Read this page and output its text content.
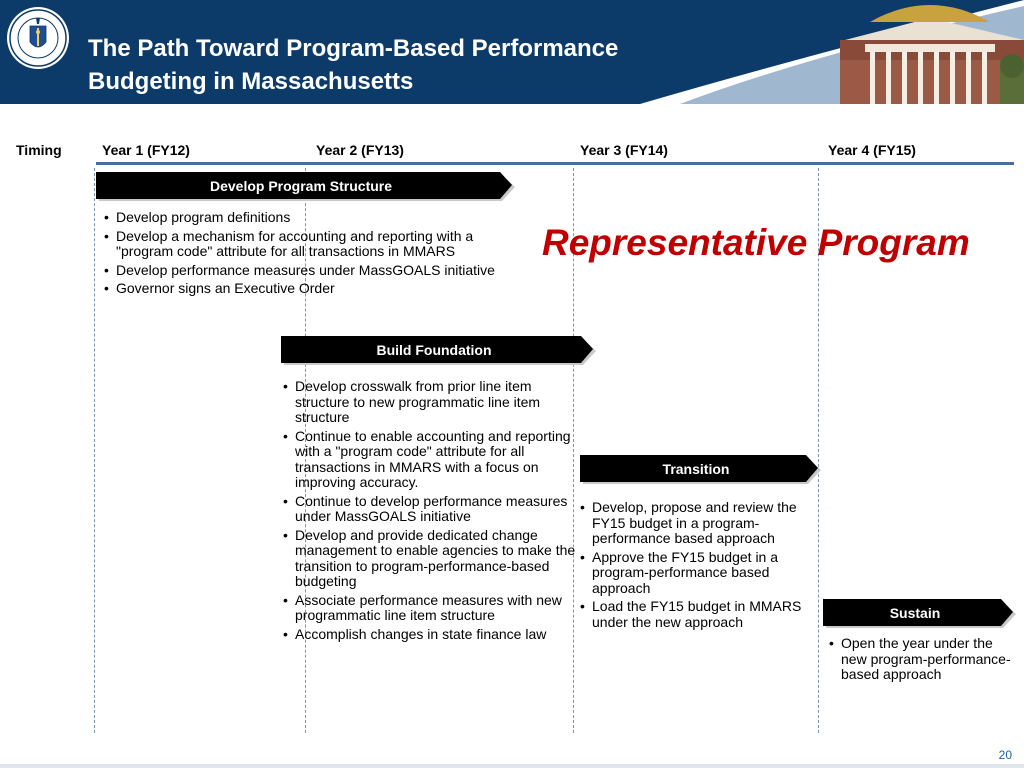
The Path Toward Program-Based Performance
Budgeting in Massachusetts
Timing	Year 1 (FY12)	Year 2 (FY13)	Year 3 (FY14)	Year 4 (FY15)
Develop Program Structure
• Develop program definitions
• Develop a mechanism for accounting and reporting with a "program code" attribute for all transactions in MMARS
• Develop performance measures under MassGOALS initiative
• Governor signs an Executive Order
Representative Program
Build Foundation
• Develop crosswalk from prior line item structure to new programmatic line item structure
• Continue to enable accounting and reporting with a "program code" attribute for all transactions in MMARS with a focus on improving accuracy.
• Continue to develop performance measures under MassGOALS initiative
• Develop and provide dedicated change management to enable agencies to make the transition to program-performance-based budgeting
• Associate performance measures with new programmatic line item structure
• Accomplish changes in state finance law
Transition
• Develop, propose and review the FY15 budget in a program-performance based approach
• Approve the FY15 budget in a program-performance based approach
• Load the FY15 budget in MMARS under the new approach
Sustain
• Open the year under the new program-performance-based approach
20
